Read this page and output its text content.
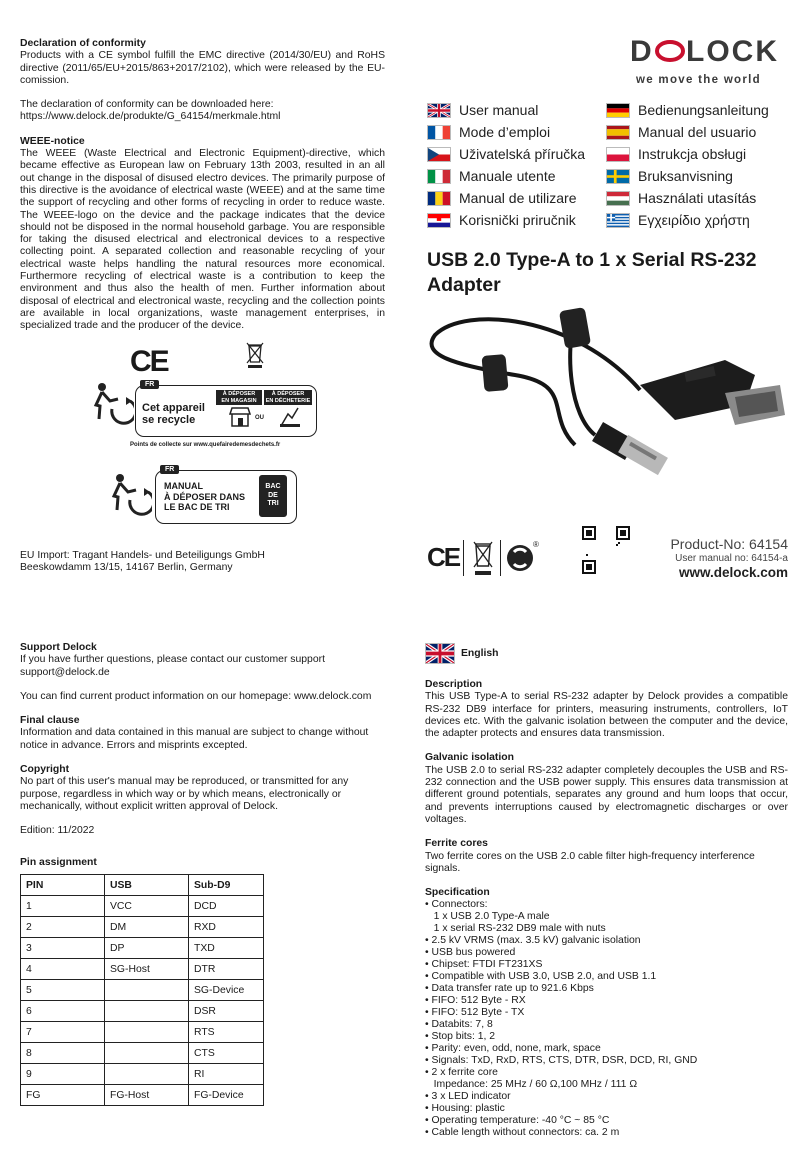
Declaration of conformity

Products with a CE symbol fulfill the EMC directive (2014/30/EU) and RoHS directive (2011/65/EU+2015/863+2017/2102), which were released by the EU-comission.

The declaration of conformity can be downloaded here:

https://www.delock.de/produkte/G_64154/merkmale.html

WEEE-notice

The WEEE (Waste Electrical and Electronic Equipment)-directive, which became effective as European law on February 13th 2003, resulted in an all out change in the disposal of disused electro devices. The primarily purpose of this directive is the avoidance of electrical waste (WEEE) and at the same time the support of recycling and other forms of recycling in order to reduce waste. The WEEE-logo on the device and the package indicates that the device should not be disposed in the normal household garbage. You are responsible for taking the disused electrical and electronical devices to a respective collecting point. A separated collection and reasonable recycling of your electrical waste helps handling the natural resources more economical. Furthermore recycling of electrical waste is a contribution to keep the environment and thus also the health of men. Further information about disposal of electrical and electronical waste, recycling and the collection points are available in local organizations, waste management enterprises, in specialized trade and the producer of the device.

CE
FR
Cet appareil
se recycle
À DÉPOSER
EN MAGASIN
À DÉPOSER
EN DÉCHETERIE
OU
Points de collecte sur www.quefairedemesdechets.fr
FR
MANUAL
À DÉPOSER DANS
LE BAC DE TRI
BAC
DE
TRI

EU Import: Tragant Handels- und Beteiligungs GmbH

Beeskowdamm 13/15, 14167 Berlin, Germany

D LOCK
we move the world
User manual
Mode d’emploi
Uživatelská příručka
Manuale utente
Manual de utilizare
Korisnički priručnik
Bedienungsanleitung
Manual del usuario
Instrukcja obsługi
Bruksanvisning
Használati utasítás
Εγχειρίδιο χρήστη
USB 2.0 Type-A to 1 x Serial RS-232
Adapter
CE	®	Product-No: 64154
User manual no: 64154-a
www.delock.com

Support Delock

If you have further questions, please contact our customer support

support@delock.de

You can find current product information on our homepage: www.delock.com

Final clause

Information and data contained in this manual are subject to change without notice in advance. Errors and misprints excepted.

Copyright

No part of this user's manual may be reproduced, or transmitted for any purpose, regardless in which way or by which means, electronically or mechanically, without explicit written approval of Delock.

Edition: 11/2022

Pin assignment
PIN	USB	Sub-D9
1	VCC	DCD
2	DM	RXD
3	DP	TXD
4	SG-Host	DTR
5		SG-Device
6		DSR
7		RTS
8		CTS
9		RI
FG	FG-Host	FG-Device
English

Description

This USB Type-A to serial RS-232 adapter by Delock provides a compatible RS-232 DB9 interface for printers, measuring instruments, controllers, IoT devices etc. With the galvanic isolation between the computer and the device, the adapter protects and ensures data transmission.

Galvanic isolation

The USB 2.0 to serial RS-232 adapter completely decouples the USB and RS-232 connection and the USB power supply. This ensures data transmission at different ground potentials, separates any ground and hum loops that occur, and prevents interruptions caused by electromagnetic discharges or over voltages.

Ferrite cores

Two ferrite cores on the USB 2.0 cable filter high-frequency interference signals.

Specification

• Connectors:
1 x USB 2.0 Type-A male
1 x serial RS-232 DB9 male with nuts
• 2.5 kV VRMS (max. 3.5 kV) galvanic isolation
• USB bus powered
• Chipset: FTDI FT231XS
• Compatible with USB 3.0, USB 2.0, and USB 1.1
• Data transfer rate up to 921.6 Kbps
• FIFO: 512 Byte - RX
• FIFO: 512 Byte - TX
• Databits: 7, 8
• Stop bits: 1, 2
• Parity: even, odd, none, mark, space
• Signals: TxD, RxD, RTS, CTS, DTR, DSR, DCD, RI, GND
• 2 x ferrite core
Impedance: 25 MHz / 60 Ω,100 MHz / 111 Ω
• 3 x LED indicator
• Housing: plastic
• Operating temperature: -40 °C ~ 85 °C
• Cable length without connectors: ca. 2 m
